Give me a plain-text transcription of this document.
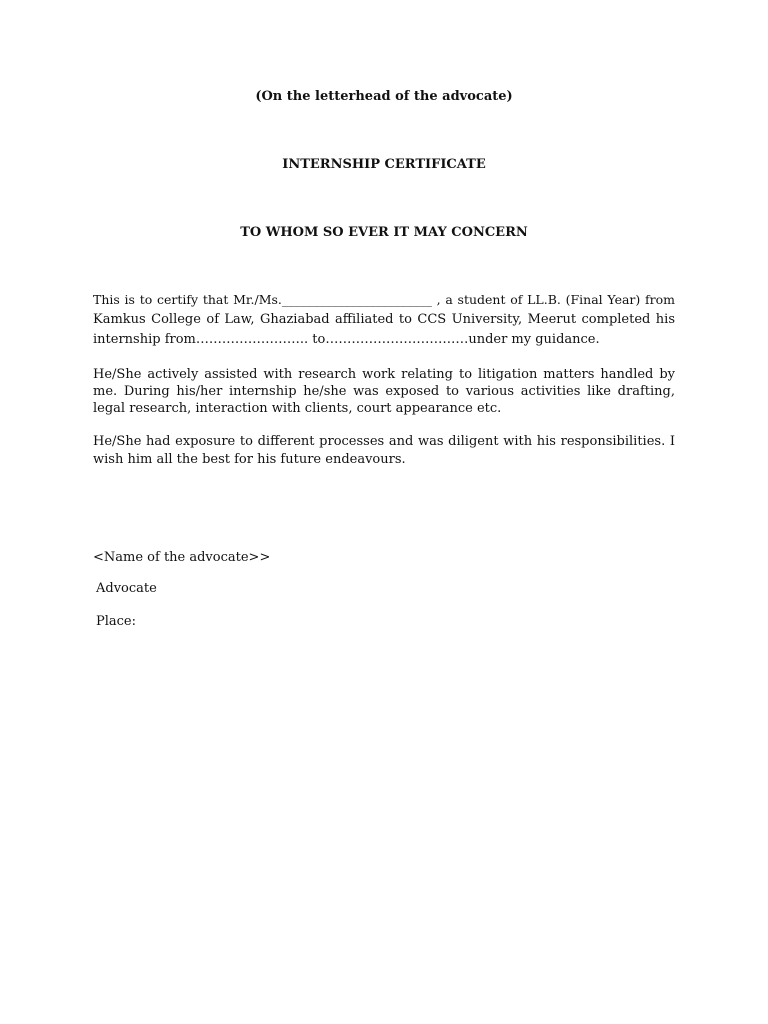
(On the letterhead of the advocate)
INTERNSHIP CERTIFICATE
TO WHOM SO EVER IT MAY CONCERN
This is to certify that Mr./Ms.________________________ , a student of LL.B. (Final Year) from
Kamkus College of Law, Ghaziabad affiliated to CCS University, Meerut completed his
internship from…………………….. to……………………………under my guidance.
He/She actively assisted with research work relating to litigation matters handled by
me. During his/her internship he/she was exposed to various activities like drafting,
legal research, interaction with clients, court appearance etc.
He/She had exposure to different processes and was diligent with his responsibilities. I
wish him all the best for his future endeavours.
<Name of the advocate>>
Advocate
Place:
